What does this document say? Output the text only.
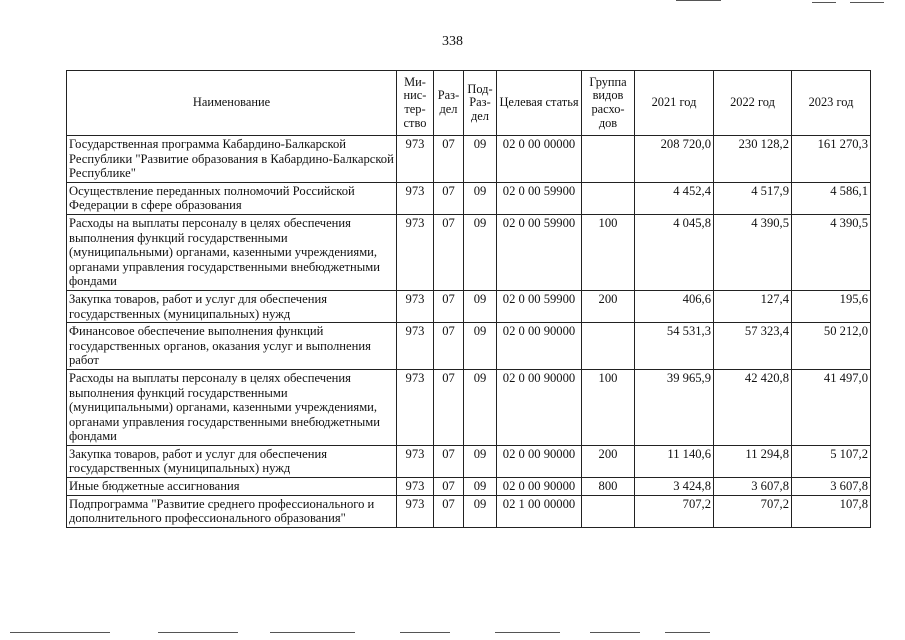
338
Наименование	Ми-нис-тер-ство	Раз-дел	Под-Раз-дел	Целевая статья	Группа видов расхо-дов	2021 год	2022 год	2023 год
Государственная программа Кабардино-Балкарской Республики "Развитие образования в Кабардино-Балкарской Республике"	973	07	09	02 0 00 00000		208 720,0	230 128,2	161 270,3
Осуществление переданных полномочий Российской Федерации в сфере образования	973	07	09	02 0 00 59900		4 452,4	4 517,9	4 586,1
Расходы на выплаты персоналу в целях обеспечения выполнения функций государственными (муниципальными) органами, казенными учреждениями, органами управления государственными внебюджетными фондами	973	07	09	02 0 00 59900	100	4 045,8	4 390,5	4 390,5
Закупка товаров, работ и услуг для обеспечения государственных (муниципальных) нужд	973	07	09	02 0 00 59900	200	406,6	127,4	195,6
Финансовое обеспечение выполнения функций государственных органов, оказания услуг и выполнения работ	973	07	09	02 0 00 90000		54 531,3	57 323,4	50 212,0
Расходы на выплаты персоналу в целях обеспечения выполнения функций государственными (муниципальными) органами, казенными учреждениями, органами управления государственными внебюджетными фондами	973	07	09	02 0 00 90000	100	39 965,9	42 420,8	41 497,0
Закупка товаров, работ и услуг для обеспечения государственных (муниципальных) нужд	973	07	09	02 0 00 90000	200	11 140,6	11 294,8	5 107,2
Иные бюджетные ассигнования	973	07	09	02 0 00 90000	800	3 424,8	3 607,8	3 607,8
Подпрограмма "Развитие среднего профессионального и дополнительного профессионального образования"	973	07	09	02 1 00 00000		707,2	707,2	107,8
